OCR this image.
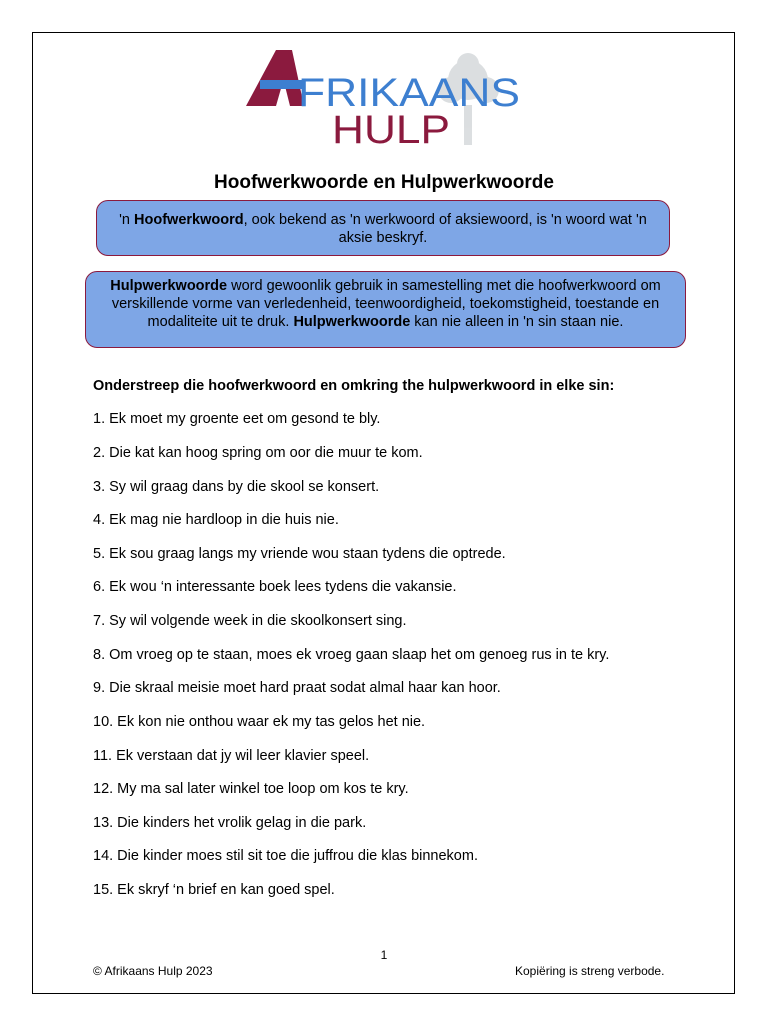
FRIKAANS
HULP
Hoofwerkwoorde en Hulpwerkwoorde
'n Hoofwerkwoord, ook bekend as 'n werkwoord of aksiewoord, is 'n woord wat 'n aksie beskryf.
Hulpwerkwoorde word gewoonlik gebruik in samestelling met die hoofwerkwoord om verskillende vorme van verledenheid, teenwoordigheid, toekomstigheid, toestande en modaliteite uit te druk. Hulpwerkwoorde kan nie alleen in 'n sin staan nie.
Onderstreep die hoofwerkwoord en omkring the hulpwerkwoord in elke sin:
1. Ek moet my groente eet om gesond te bly.
2. Die kat kan hoog spring om oor die muur te kom.
3. Sy wil graag dans by die skool se konsert.
4. Ek mag nie hardloop in die huis nie.
5. Ek sou graag langs my vriende wou staan tydens die optrede.
6. Ek wou ‘n interessante boek lees tydens die vakansie.
7. Sy wil volgende week in die skoolkonsert sing.
8. Om vroeg op te staan, moes ek vroeg gaan slaap het om genoeg rus in te kry.
9. Die skraal meisie moet hard praat sodat almal haar kan hoor.
10. Ek kon nie onthou waar ek my tas gelos het nie.
11. Ek verstaan dat jy wil leer klavier speel.
12. My ma sal later winkel toe loop om kos te kry.
13. Die kinders het vrolik gelag in die park.
14. Die kinder moes stil sit toe die juffrou die klas binnekom.
15. Ek skryf ‘n brief en kan goed spel.
1
© Afrikaans Hulp 2023	Kopiëring is streng verbode.
